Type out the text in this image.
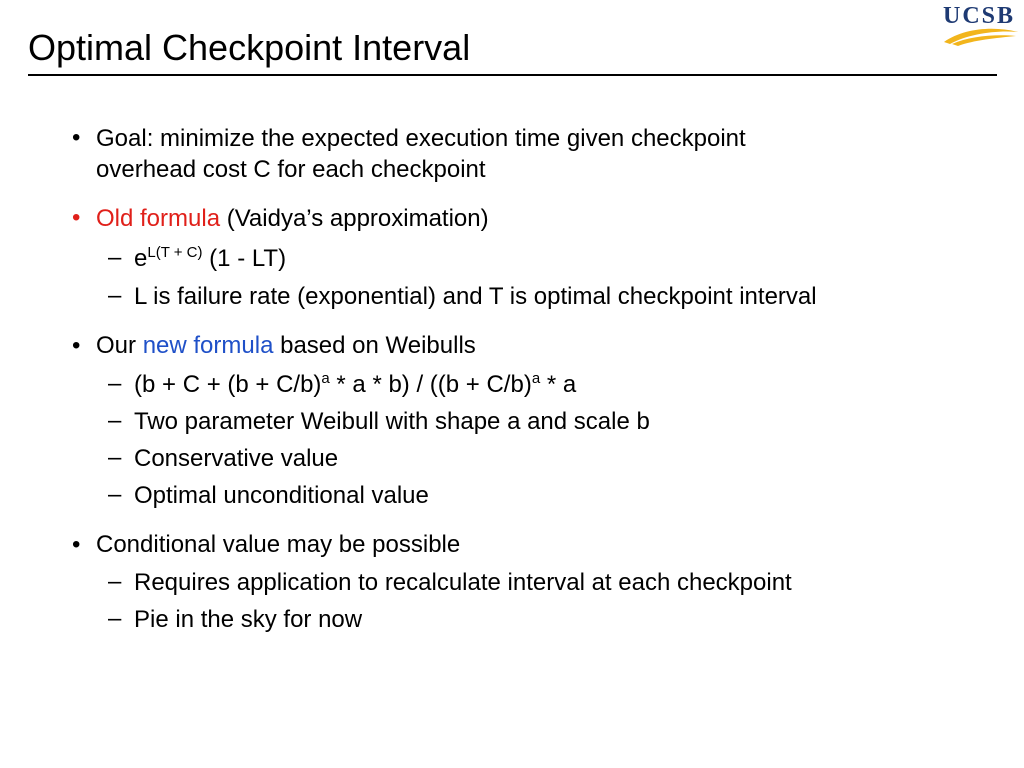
Optimal Checkpoint Interval
UCSB
• Goal: minimize the expected execution time given checkpoint
overhead cost C for each checkpoint
• Old formula (Vaidya’s approximation)
– $e^{L(T + C)}$ (1 - LT)
– L is failure rate (exponential) and T is optimal checkpoint interval
• Our new formula based on Weibulls
– $(b + C + (b + C/b)^a * a * b) / ((b + C/b)^a * a$
– Two parameter Weibull with shape a and scale b
– Conservative value
– Optimal unconditional value
• Conditional value may be possible
– Requires application to recalculate interval at each checkpoint
– Pie in the sky for now
